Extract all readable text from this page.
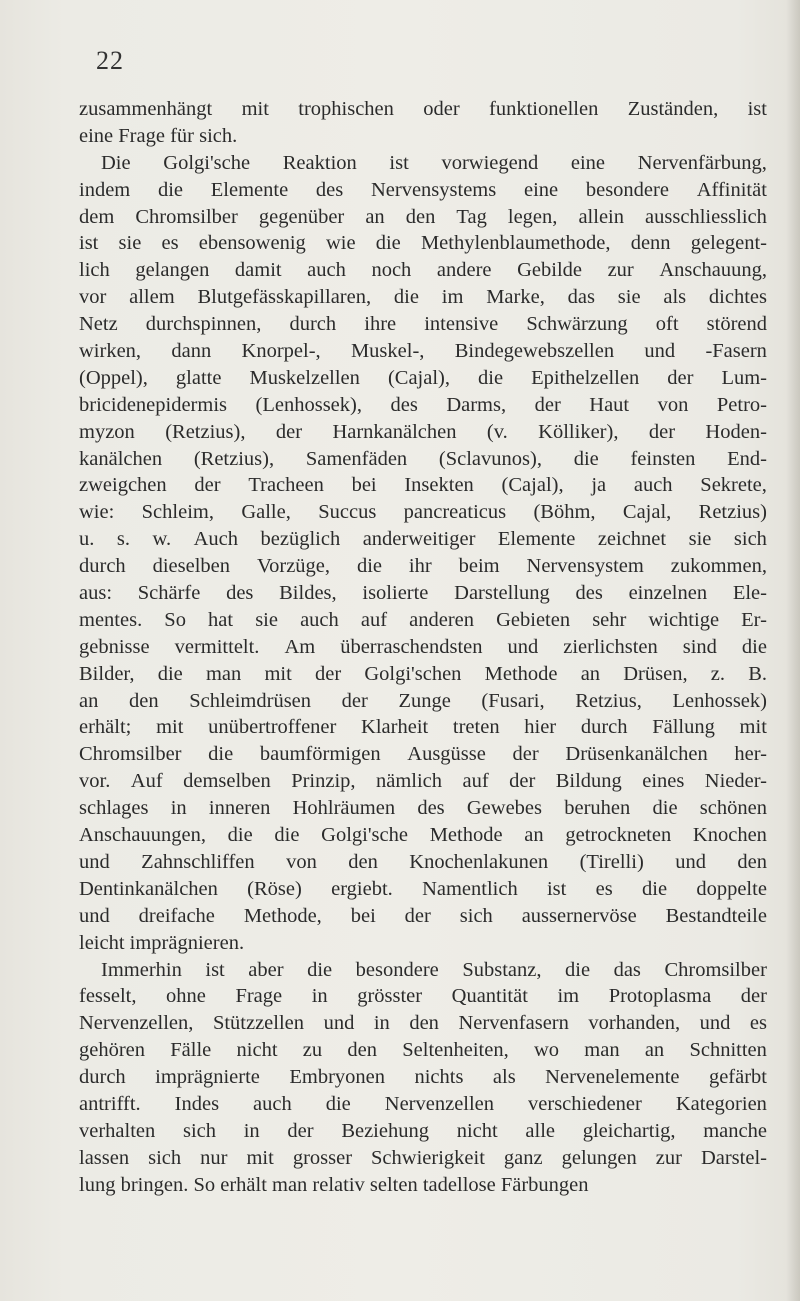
22
zusammenhängt mit trophischen oder funktionellen Zuständen, ist
eine Frage für sich.
Die Golgi'sche Reaktion ist vorwiegend eine Nervenfärbung,
indem die Elemente des Nervensystems eine besondere Affinität
dem Chromsilber gegenüber an den Tag legen, allein ausschliesslich
ist sie es ebensowenig wie die Methylenblaumethode, denn gelegent-
lich gelangen damit auch noch andere Gebilde zur Anschauung,
vor allem Blutgefässkapillaren, die im Marke, das sie als dichtes
Netz durchspinnen, durch ihre intensive Schwärzung oft störend
wirken, dann Knorpel-, Muskel-, Bindegewebszellen und -Fasern
(Oppel), glatte Muskelzellen (Cajal), die Epithelzellen der Lum-
bricidenepidermis (Lenhossek), des Darms, der Haut von Petro-
myzon (Retzius), der Harnkanälchen (v. Kölliker), der Hoden-
kanälchen (Retzius), Samenfäden (Sclavunos), die feinsten End-
zweigchen der Tracheen bei Insekten (Cajal), ja auch Sekrete,
wie: Schleim, Galle, Succus pancreaticus (Böhm, Cajal, Retzius)
u. s. w. Auch bezüglich anderweitiger Elemente zeichnet sie sich
durch dieselben Vorzüge, die ihr beim Nervensystem zukommen,
aus: Schärfe des Bildes, isolierte Darstellung des einzelnen Ele-
mentes. So hat sie auch auf anderen Gebieten sehr wichtige Er-
gebnisse vermittelt. Am überraschendsten und zierlichsten sind die
Bilder, die man mit der Golgi'schen Methode an Drüsen, z. B.
an den Schleimdrüsen der Zunge (Fusari, Retzius, Lenhossek)
erhält; mit unübertroffener Klarheit treten hier durch Fällung mit
Chromsilber die baumförmigen Ausgüsse der Drüsenkanälchen her-
vor. Auf demselben Prinzip, nämlich auf der Bildung eines Nieder-
schlages in inneren Hohlräumen des Gewebes beruhen die schönen
Anschauungen, die die Golgi'sche Methode an getrockneten Knochen
und Zahnschliffen von den Knochenlakunen (Tirelli) und den
Dentinkanälchen (Röse) ergiebt. Namentlich ist es die doppelte
und dreifache Methode, bei der sich aussernervöse Bestandteile
leicht imprägnieren.
Immerhin ist aber die besondere Substanz, die das Chromsilber
fesselt, ohne Frage in grösster Quantität im Protoplasma der
Nervenzellen, Stützzellen und in den Nervenfasern vorhanden, und es
gehören Fälle nicht zu den Seltenheiten, wo man an Schnitten
durch imprägnierte Embryonen nichts als Nervenelemente gefärbt
antrifft. Indes auch die Nervenzellen verschiedener Kategorien
verhalten sich in der Beziehung nicht alle gleichartig, manche
lassen sich nur mit grosser Schwierigkeit ganz gelungen zur Darstel-
lung bringen. So erhält man relativ selten tadellose Färbungen
